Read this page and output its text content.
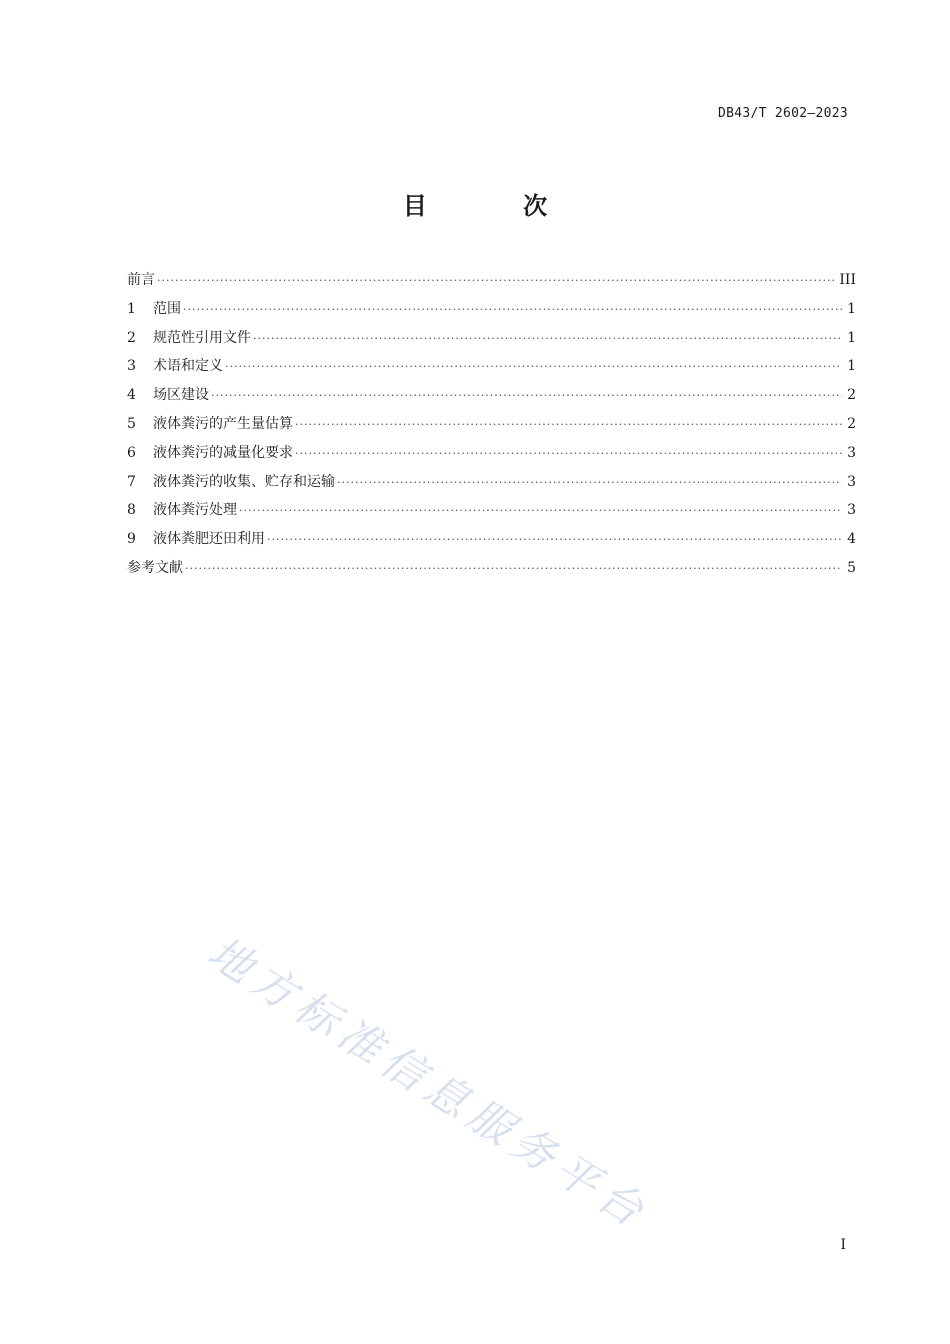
DB43/T 2602—2023
目 次
前言 ·····	III
1	范围 ·····	1
2	规范性引用文件 ·····	1
3	术语和定义 ·····	1
4	场区建设 ·····	2
5	液体粪污的产生量估算 ·····	2
6	液体粪污的减量化要求 ·····	3
7	液体粪污的收集、贮存和运输 ·····	3
8	液体粪污处理 ·····	3
9	液体粪肥还田利用 ·····	4
参考文献 ·····	5
地方标准信息服务平台
I
